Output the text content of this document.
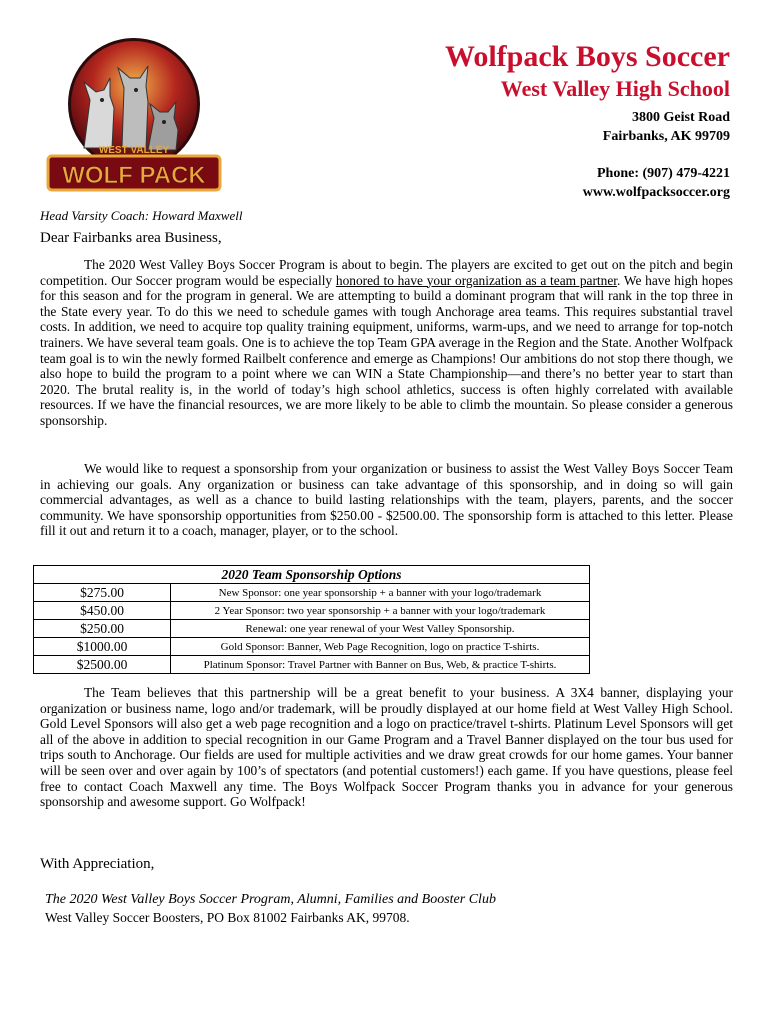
WEST VALLEY
WOLF PACK
Wolfpack Boys Soccer
West Valley High School
3800 Geist Road
Fairbanks, AK 99709
Phone: (907) 479-4221
www.wolfpacksoccer.org
Head Varsity Coach: Howard Maxwell
Dear Fairbanks area Business,
The 2020 West Valley Boys Soccer Program is about to begin. The players are excited to get out on the pitch and begin competition. Our Soccer program would be especially honored to have your organization as a team partner. We have high hopes for this season and for the program in general. We are attempting to build a dominant program that will rank in the top three in the State every year. To do this we need to schedule games with tough Anchorage area teams. This requires substantial travel costs. In addition, we need to acquire top quality training equipment, uniforms, warm-ups, and we need to arrange for top-notch trainers. We have several team goals. One is to achieve the top Team GPA average in the Region and the State. Another Wolfpack team goal is to win the newly formed Railbelt conference and emerge as Champions! Our ambitions do not stop there though, we also hope to build the program to a point where we can WIN a State Championship—and there’s no better year to start than 2020. The brutal reality is, in the world of today’s high school athletics, success is often highly correlated with available resources. If we have the financial resources, we are more likely to be able to climb the mountain. So please consider a generous sponsorship.
We would like to request a sponsorship from your organization or business to assist the West Valley Boys Soccer Team in achieving our goals. Any organization or business can take advantage of this sponsorship, and in doing so will gain commercial advantages, as well as a chance to build lasting relationships with the team, players, parents, and the soccer community. We have sponsorship opportunities from $250.00 - $2500.00. The sponsorship form is attached to this letter. Please fill it out and return it to a coach, manager, player, or to the school.
2020 Team Sponsorship Options	
$275.00	New Sponsor: one year sponsorship + a banner with your logo/trademark
$450.00	2 Year Sponsor: two year sponsorship + a banner with your logo/trademark
$250.00	Renewal: one year renewal of your West Valley Sponsorship.
$1000.00	Gold Sponsor: Banner, Web Page Recognition, logo on practice T-shirts.
$2500.00	Platinum Sponsor: Travel Partner with Banner on Bus, Web, & practice T-shirts.
The Team believes that this partnership will be a great benefit to your business. A 3X4 banner, displaying your organization or business name, logo and/or trademark, will be proudly displayed at our home field at West Valley High School. Gold Level Sponsors will also get a web page recognition and a logo on practice/travel t-shirts. Platinum Level Sponsors will get all of the above in addition to special recognition in our Game Program and a Travel Banner displayed on the tour bus used for trips south to Anchorage. Our fields are used for multiple activities and we draw great crowds for our home games. Your banner will be seen over and over again by 100’s of spectators (and potential customers!) each game. If you have questions, please feel free to contact Coach Maxwell any time. The Boys Wolfpack Soccer Program thanks you in advance for your generous sponsorship and awesome support. Go Wolfpack!
With Appreciation,
The 2020 West Valley Boys Soccer Program, Alumni, Families and Booster Club
West Valley Soccer Boosters, PO Box 81002 Fairbanks AK, 99708.
